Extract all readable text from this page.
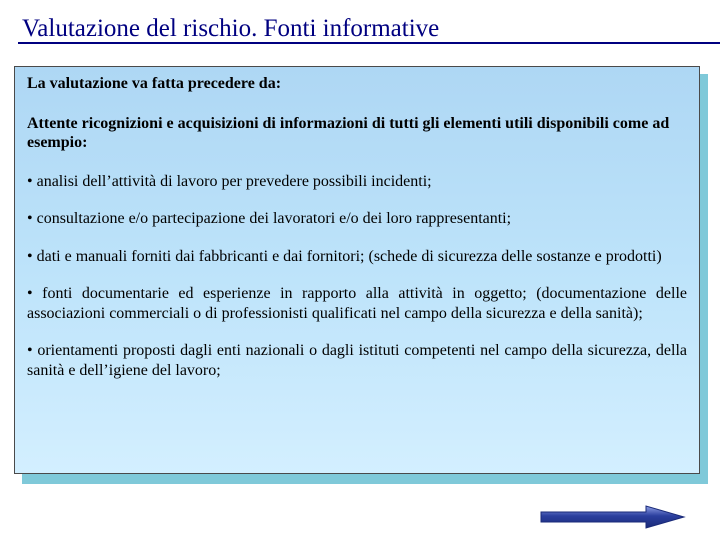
Valutazione del rischio. Fonti informative

La valutazione va fatta precedere da:

Attente ricognizioni e acquisizioni di informazioni di tutti gli elementi utili disponibili come ad esempio:

• analisi dell’attività di lavoro per prevedere possibili incidenti;

• consultazione e/o partecipazione dei lavoratori e/o dei loro rappresentanti;

• dati e manuali forniti dai fabbricanti e dai fornitori; (schede di sicurezza delle sostanze e prodotti)

• fonti documentarie ed esperienze in rapporto alla attività in oggetto; (documentazione delle associazioni commerciali o di professionisti qualificati nel campo della sicurezza e della sanità);

• orientamenti proposti dagli enti nazionali o dagli istituti competenti nel campo della sicurezza, della sanità e dell’igiene del lavoro;
